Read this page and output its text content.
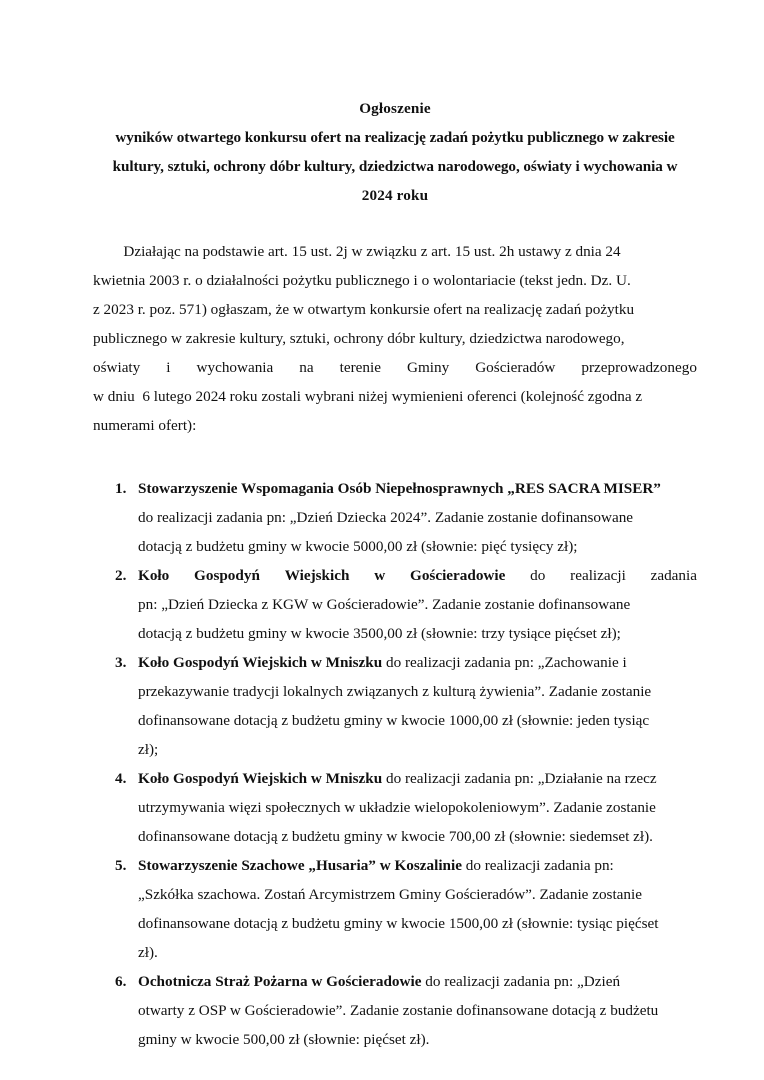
Ogłoszenie
wyników otwartego konkursu ofert na realizację zadań pożytku publicznego w zakresie
kultury, sztuki, ochrony dóbr kultury, dziedzictwa narodowego, oświaty i wychowania w
2024 roku
Działając na podstawie art. 15 ust. 2j w związku z art. 15 ust. 2h ustawy z dnia 24
kwietnia 2003 r. o działalności pożytku publicznego i o wolontariacie (tekst jedn. Dz. U.
z 2023 r. poz. 571) ogłaszam, że w otwartym konkursie ofert na realizację zadań pożytku
publicznego w zakresie kultury, sztuki, ochrony dóbr kultury, dziedzictwa narodowego,
oświaty i wychowania na terenie Gminy Gościeradów przeprowadzonego
w dniu  6 lutego 2024 roku zostali wybrani niżej wymienieni oferenci (kolejność zgodna z
numerami ofert):
1. Stowarzyszenie Wspomagania Osób Niepełnosprawnych „RES SACRA MISER”
do realizacji zadania pn: „Dzień Dziecka 2024”. Zadanie zostanie dofinansowane
dotacją z budżetu gminy w kwocie 5000,00 zł (słownie: pięć tysięcy zł);
2. Koło Gospodyń Wiejskich w Gościeradowie do realizacji zadania
pn: „Dzień Dziecka z KGW w Gościeradowie”. Zadanie zostanie dofinansowane
dotacją z budżetu gminy w kwocie 3500,00 zł (słownie: trzy tysiące pięćset zł);
3. Koło Gospodyń Wiejskich w Mniszku do realizacji zadania pn: „Zachowanie i
przekazywanie tradycji lokalnych związanych z kulturą żywienia”. Zadanie zostanie
dofinansowane dotacją z budżetu gminy w kwocie 1000,00 zł (słownie: jeden tysiąc
zł);
4. Koło Gospodyń Wiejskich w Mniszku do realizacji zadania pn: „Działanie na rzecz
utrzymywania więzi społecznych w układzie wielopokoleniowym”. Zadanie zostanie
dofinansowane dotacją z budżetu gminy w kwocie 700,00 zł (słownie: siedemset zł).
5. Stowarzyszenie Szachowe „Husaria” w Koszalinie do realizacji zadania pn:
„Szkółka szachowa. Zostań Arcymistrzem Gminy Gościeradów”. Zadanie zostanie
dofinansowane dotacją z budżetu gminy w kwocie 1500,00 zł (słownie: tysiąc pięćset
zł).
6. Ochotnicza Straż Pożarna w Gościeradowie do realizacji zadania pn: „Dzień
otwarty z OSP w Gościeradowie”. Zadanie zostanie dofinansowane dotacją z budżetu
gminy w kwocie 500,00 zł (słownie: pięćset zł).
